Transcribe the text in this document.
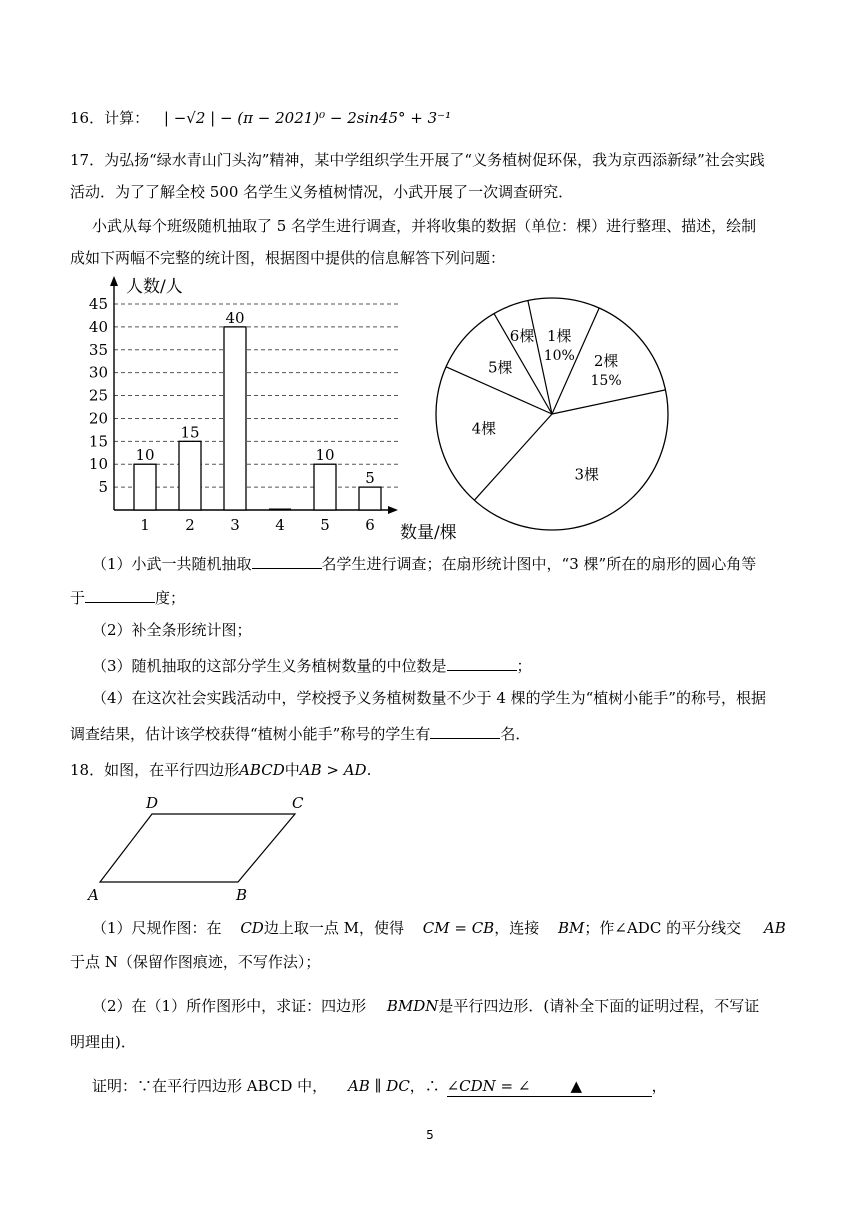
16．计算： | −√2 | − (π − 2021)⁰ − 2sin45° + 3⁻¹
17．为弘扬“绿水青山门头沟”精神，某中学组织学生开展了“义务植树促环保，我为京西添新绿”社会实践
活动．为了了解全校 500 名学生义务植树情况，小武开展了一次调查研究．
小武从每个班级随机抽取了 5 名学生进行调查，并将收集的数据（单位：棵）进行整理、描述，绘制
成如下两幅不完整的统计图，根据图中提供的信息解答下列问题：
5
10
15
20
25
30
35
40
45
10
1
15
2
40
3 4
10
5
5
6
人数/人
数量/棵
1棵
10% 2棵
15%
3棵
4棵
5棵
6棵
（1）小武一共随机抽取	名学生进行调查；在扇形统计图中，“3 棵”所在的扇形的圆心角等
于	度；
（2）补全条形统计图；
（3）随机抽取的这部分学生义务植树数量的中位数是	；
（4）在这次社会实践活动中，学校授予义务植树数量不少于 4 棵的学生为“植树小能手”的称号，根据
调查结果，估计该学校获得“植树小能手”称号的学生有	名．
18．如图，在平行四边形ABCD中AB > AD.
A	B
C
D
（1）尺规作图：在 CD边上取一点 M，使得 CM = CB，连接 BM；作∠ADC 的平分线交 AB
于点 N（保留作图痕迹，不写作法）；
（2）在（1）所作图形中，求证：四边形 BMDN是平行四边形．(请补全下面的证明过程，不写证
明理由)．
证明：∵在平行四边形 ABCD 中， AB ∥ DC，∴ ∠CDN = ∠	▲	，
5
